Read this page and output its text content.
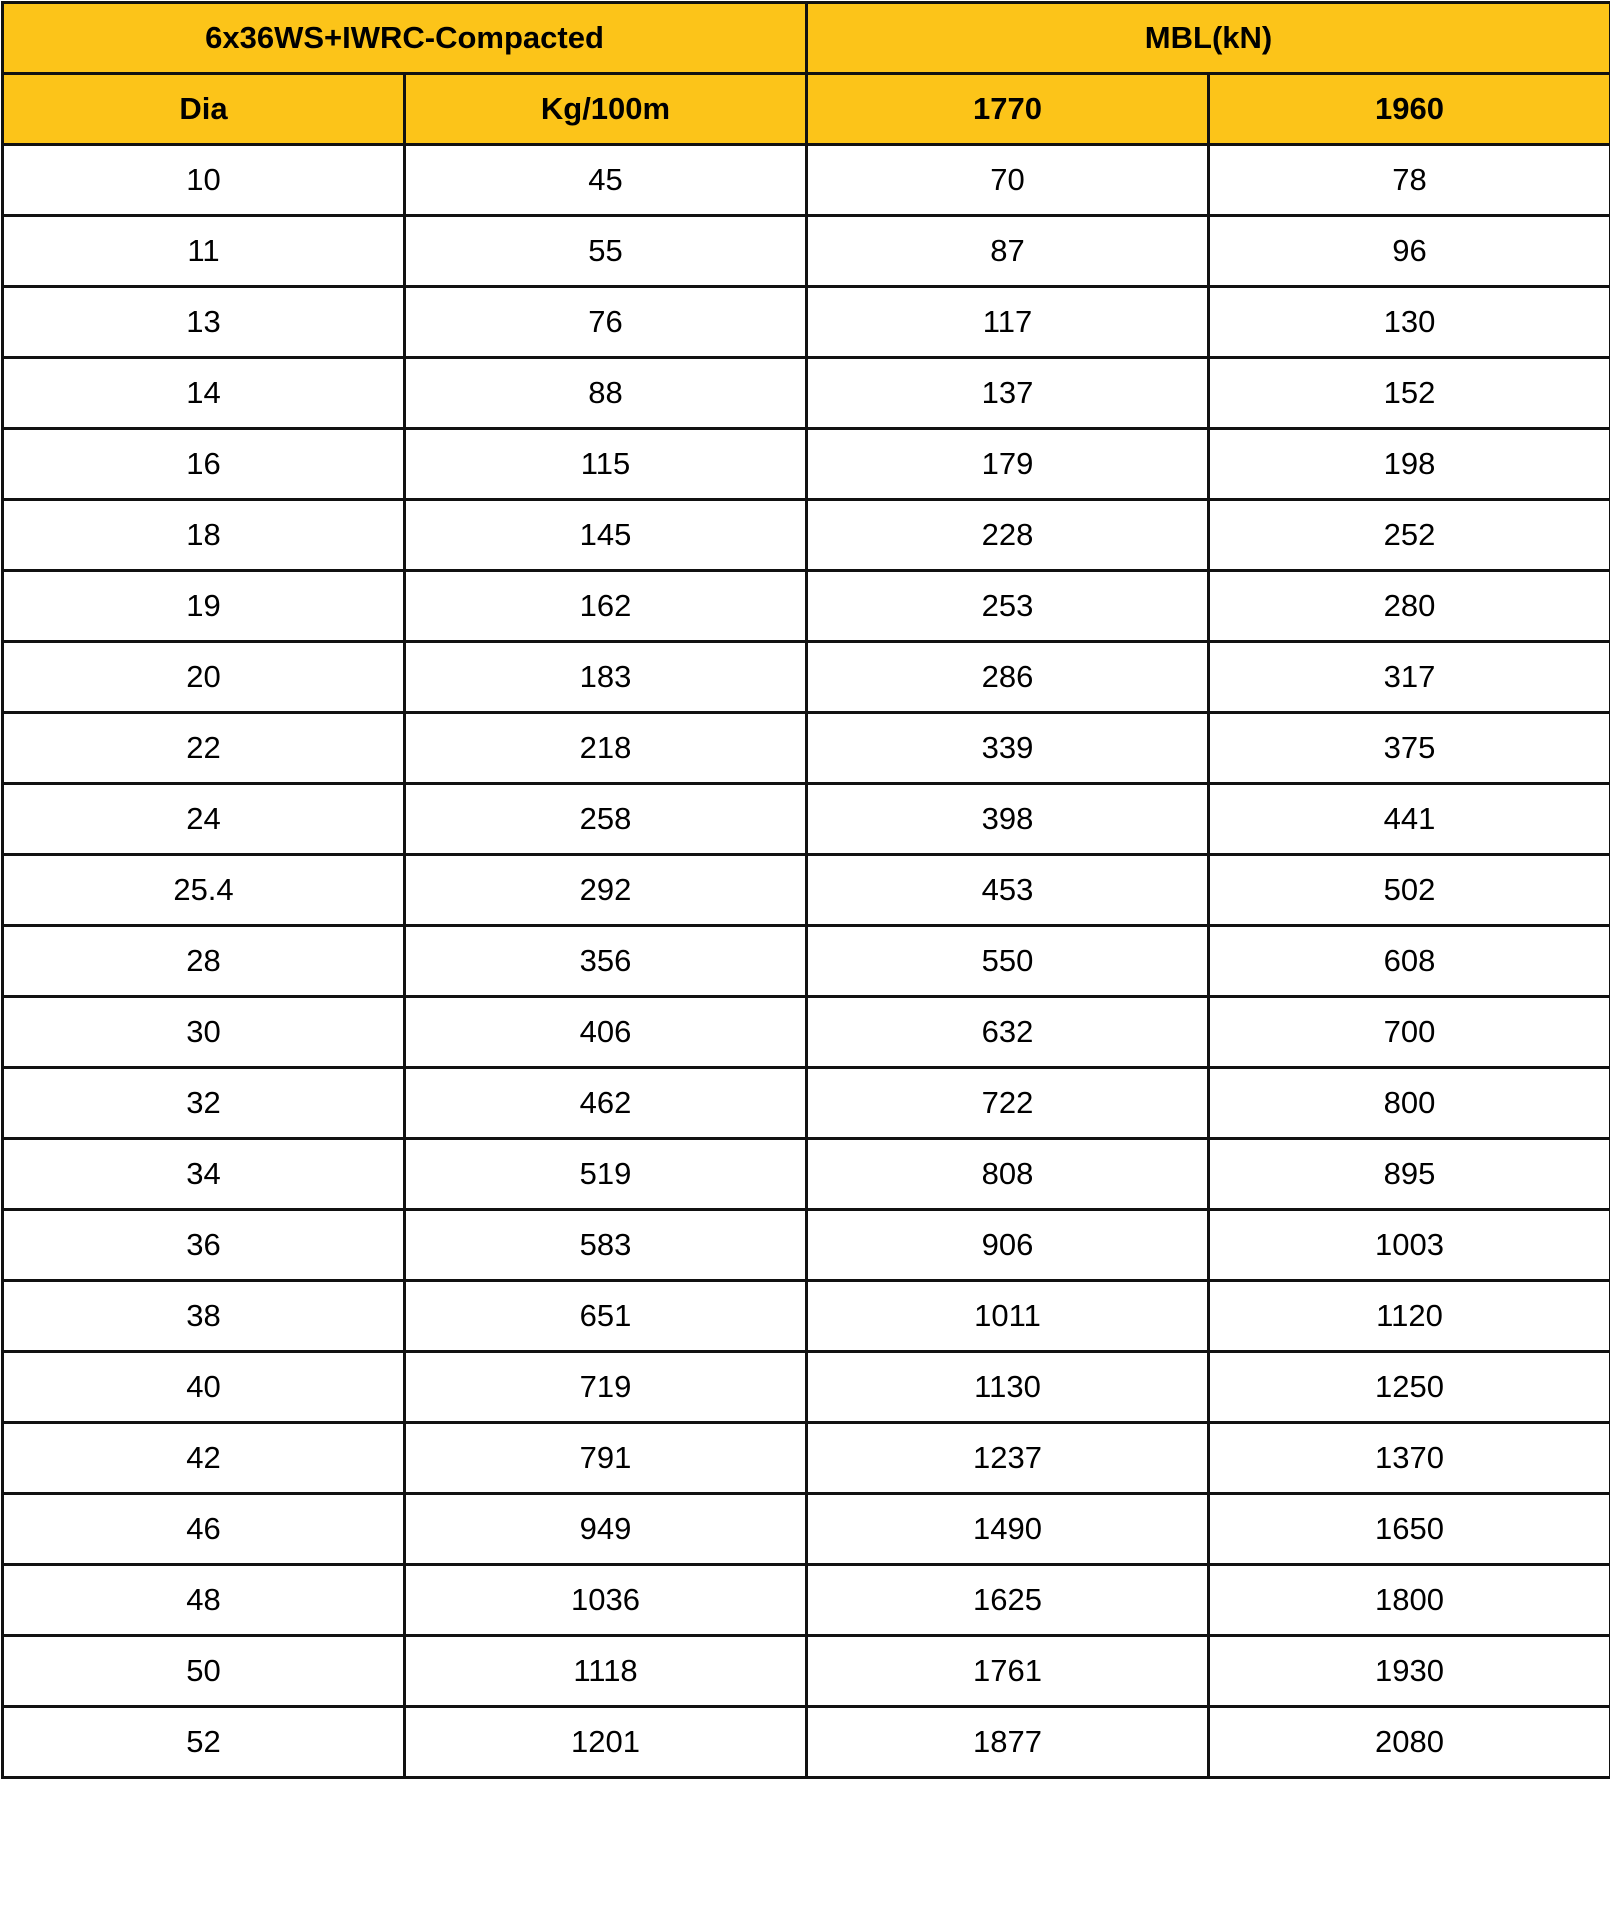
6x36WS+IWRC-Compacted		MBL(kN)	
Dia	Kg/100m	1770	1960
10	45	70	78
11	55	87	96
13	76	117	130
14	88	137	152
16	115	179	198
18	145	228	252
19	162	253	280
20	183	286	317
22	218	339	375
24	258	398	441
25.4	292	453	502
28	356	550	608
30	406	632	700
32	462	722	800
34	519	808	895
36	583	906	1003
38	651	1011	1120
40	719	1130	1250
42	791	1237	1370
46	949	1490	1650
48	1036	1625	1800
50	1118	1761	1930
52	1201	1877	2080
